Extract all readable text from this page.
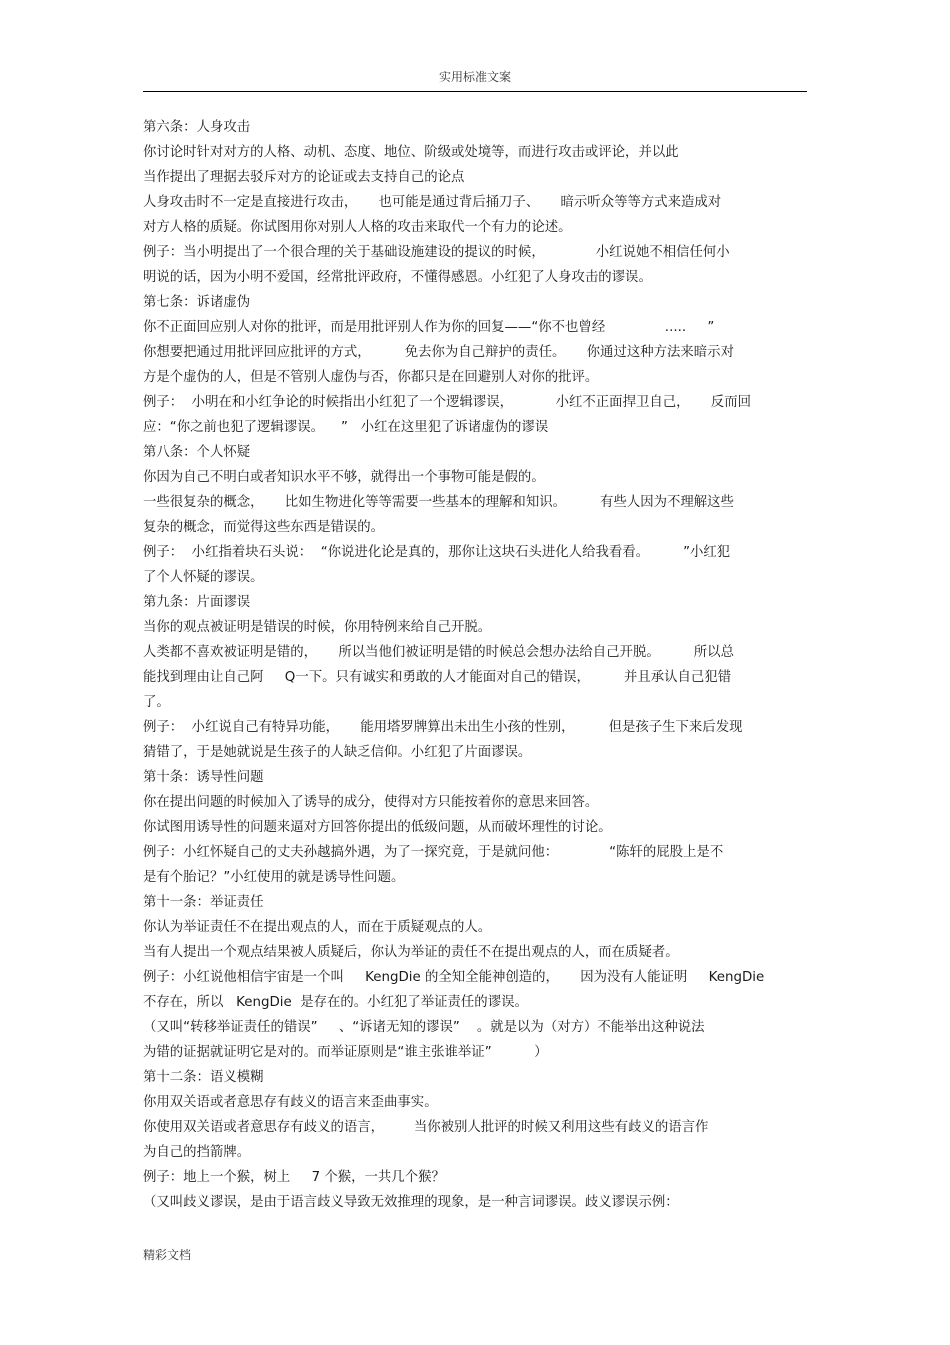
实用标准文案
第六条：人身攻击
你讨论时针对对方的人格、动机、态度、地位、阶级或处境等，而进行攻击或评论，并以此
当作提出了理据去驳斥对方的论证或去支持自己的论点
人身攻击时不一定是直接进行攻击，     也可能是通过背后捅刀子、     暗示听众等等方式来造成对
对方人格的质疑。你试图用你对别人人格的攻击来取代一个有力的论述。
例子：当小明提出了一个很合理的关于基础设施建设的提议的时候，            小红说她不相信任何小
明说的话，因为小明不爱国，经常批评政府，不懂得感恩。小红犯了人身攻击的谬误。
第七条：诉诸虚伪
你不正面回应别人对你的批评，而是用批评别人作为你的回复——“你不也曾经              .....     ”
你想要把通过用批评回应批评的方式，        免去你为自己辩护的责任。     你通过这种方法来暗示对
方是个虚伪的人，但是不管别人虚伪与否，你都只是在回避别人对你的批评。
例子：  小明在和小红争论的时候指出小红犯了一个逻辑谬误，          小红不正面捍卫自己，     反而回
应：“你之前也犯了逻辑谬误。    ”   小红在这里犯了诉诸虚伪的谬误
第八条：个人怀疑
你因为自己不明白或者知识水平不够，就得出一个事物可能是假的。
一些很复杂的概念，     比如生物进化等等需要一些基本的理解和知识。        有些人因为不理解这些
复杂的概念，而觉得这些东西是错误的。
例子：  小红指着块石头说：  “你说进化论是真的，那你让这块石头进化人给我看看。        ”小红犯
了个人怀疑的谬误。
第九条：片面谬误
当你的观点被证明是错误的时候，你用特例来给自己开脱。
人类都不喜欢被证明是错的，     所以当他们被证明是错的时候总会想办法给自己开脱。        所以总
能找到理由让自己阿     Q一下。只有诚实和勇敢的人才能面对自己的错误，        并且承认自己犯错
了。
例子：  小红说自己有特异功能，     能用塔罗牌算出未出生小孩的性别，        但是孩子生下来后发现
猜错了，于是她就说是生孩子的人缺乏信仰。小红犯了片面谬误。
第十条：诱导性问题
你在提出问题的时候加入了诱导的成分，使得对方只能按着你的意思来回答。
你试图用诱导性的问题来逼对方回答你提出的低级问题，从而破坏理性的讨论。
例子：小红怀疑自己的丈夫孙越搞外遇，为了一探究竟，于是就问他：            “陈轩的屁股上是不
是有个胎记？”小红使用的就是诱导性问题。
第十一条：举证责任
你认为举证责任不在提出观点的人，而在于质疑观点的人。
当有人提出一个观点结果被人质疑后，你认为举证的责任不在提出观点的人，而在质疑者。
例子：小红说他相信宇宙是一个叫     KengDie 的全知全能神创造的，     因为没有人能证明     KengDie
不存在，所以   KengDie  是存在的。小红犯了举证责任的谬误。
（又叫“转移举证责任的错误”     、“诉诸无知的谬误”    。就是以为（对方）不能举出这种说法
为错的证据就证明它是对的。而举证原则是“谁主张谁举证”          ）
第十二条：语义模糊
你用双关语或者意思存有歧义的语言来歪曲事实。
你使用双关语或者意思存有歧义的语言，       当你被别人批评的时候又利用这些有歧义的语言作
为自己的挡箭牌。
例子：地上一个猴，树上     7 个猴，一共几个猴？
（又叫歧义谬误，是由于语言歧义导致无效推理的现象，是一种言词谬误。歧义谬误示例：
精彩文档
